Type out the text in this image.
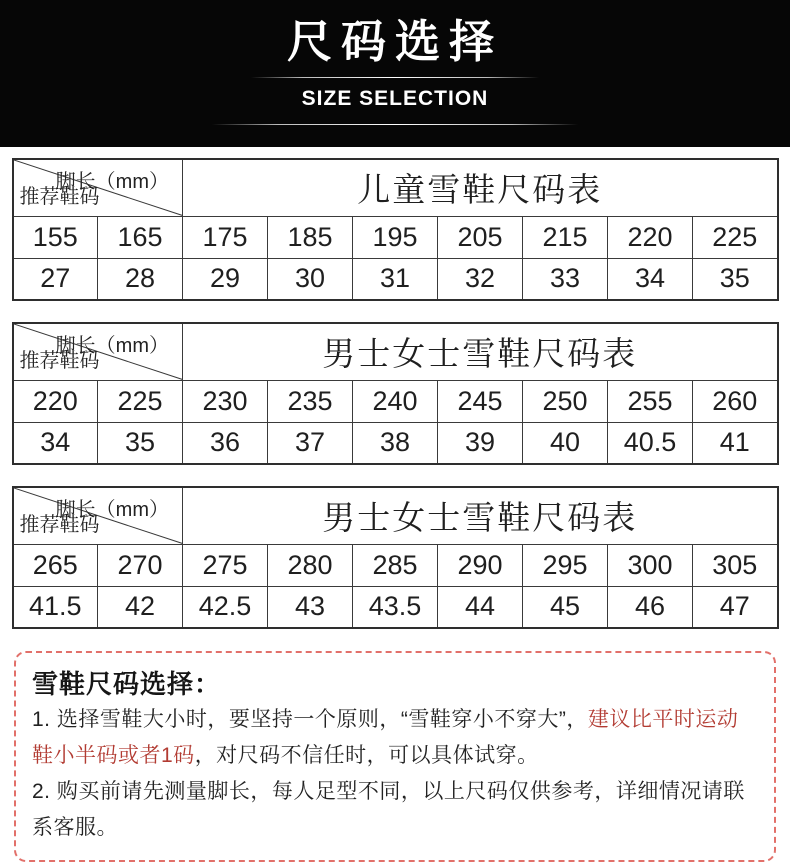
尺码选择
SIZE SELECTION
脚长（mm）
推荐鞋码		儿童雪鞋尺码表						
155	165	175	185	195	205	215	220	225
27	28	29	30	31	32	33	34	35
脚长（mm）
推荐鞋码		男士女士雪鞋尺码表						
220	225	230	235	240	245	250	255	260
34	35	36	37	38	39	40	40.5	41
脚长（mm）
推荐鞋码		男士女士雪鞋尺码表						
265	270	275	280	285	290	295	300	305
41.5	42	42.5	43	43.5	44	45	46	47
雪鞋尺码选择：
1. 选择雪鞋大小时，要坚持一个原则，“雪鞋穿小不穿大”，建议比平时运动鞋小半码或者1码，对尺码不信任时，可以具体试穿。
2. 购买前请先测量脚长，每人足型不同，以上尺码仅供参考，详细情况请联系客服。
